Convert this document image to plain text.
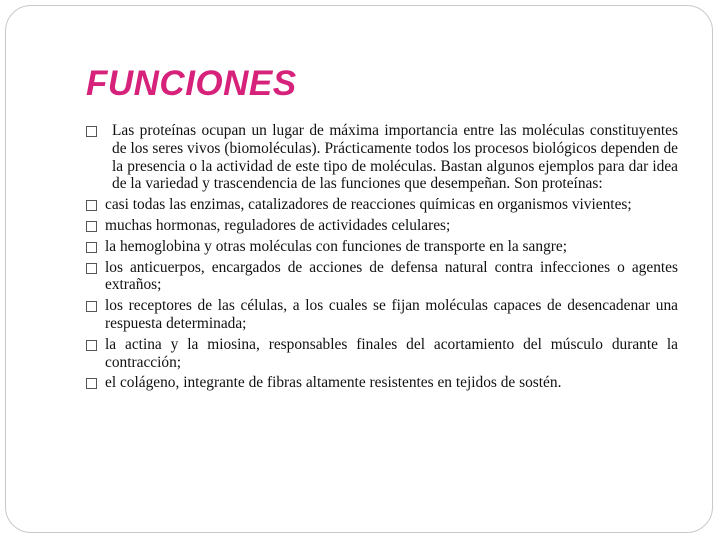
FUNCIONES
Las proteínas ocupan un lugar de máxima importancia entre las moléculas constituyentes de los seres vivos (biomoléculas). Prácticamente todos los procesos biológicos dependen de la presencia o la actividad de este tipo de moléculas. Bastan algunos ejemplos para dar idea de la variedad y trascendencia de las funciones que desempeñan. Son proteínas:
casi todas las enzimas, catalizadores de reacciones químicas en organismos vivientes;
muchas hormonas, reguladores de actividades celulares;
la hemoglobina y otras moléculas con funciones de transporte en la sangre;
los anticuerpos, encargados de acciones de defensa natural contra infecciones o agentes extraños;
los receptores de las células, a los cuales se fijan moléculas capaces de desencadenar una respuesta determinada;
la actina y la miosina, responsables finales del acortamiento del músculo durante la contracción;
el colágeno, integrante de fibras altamente resistentes en tejidos de sostén.
